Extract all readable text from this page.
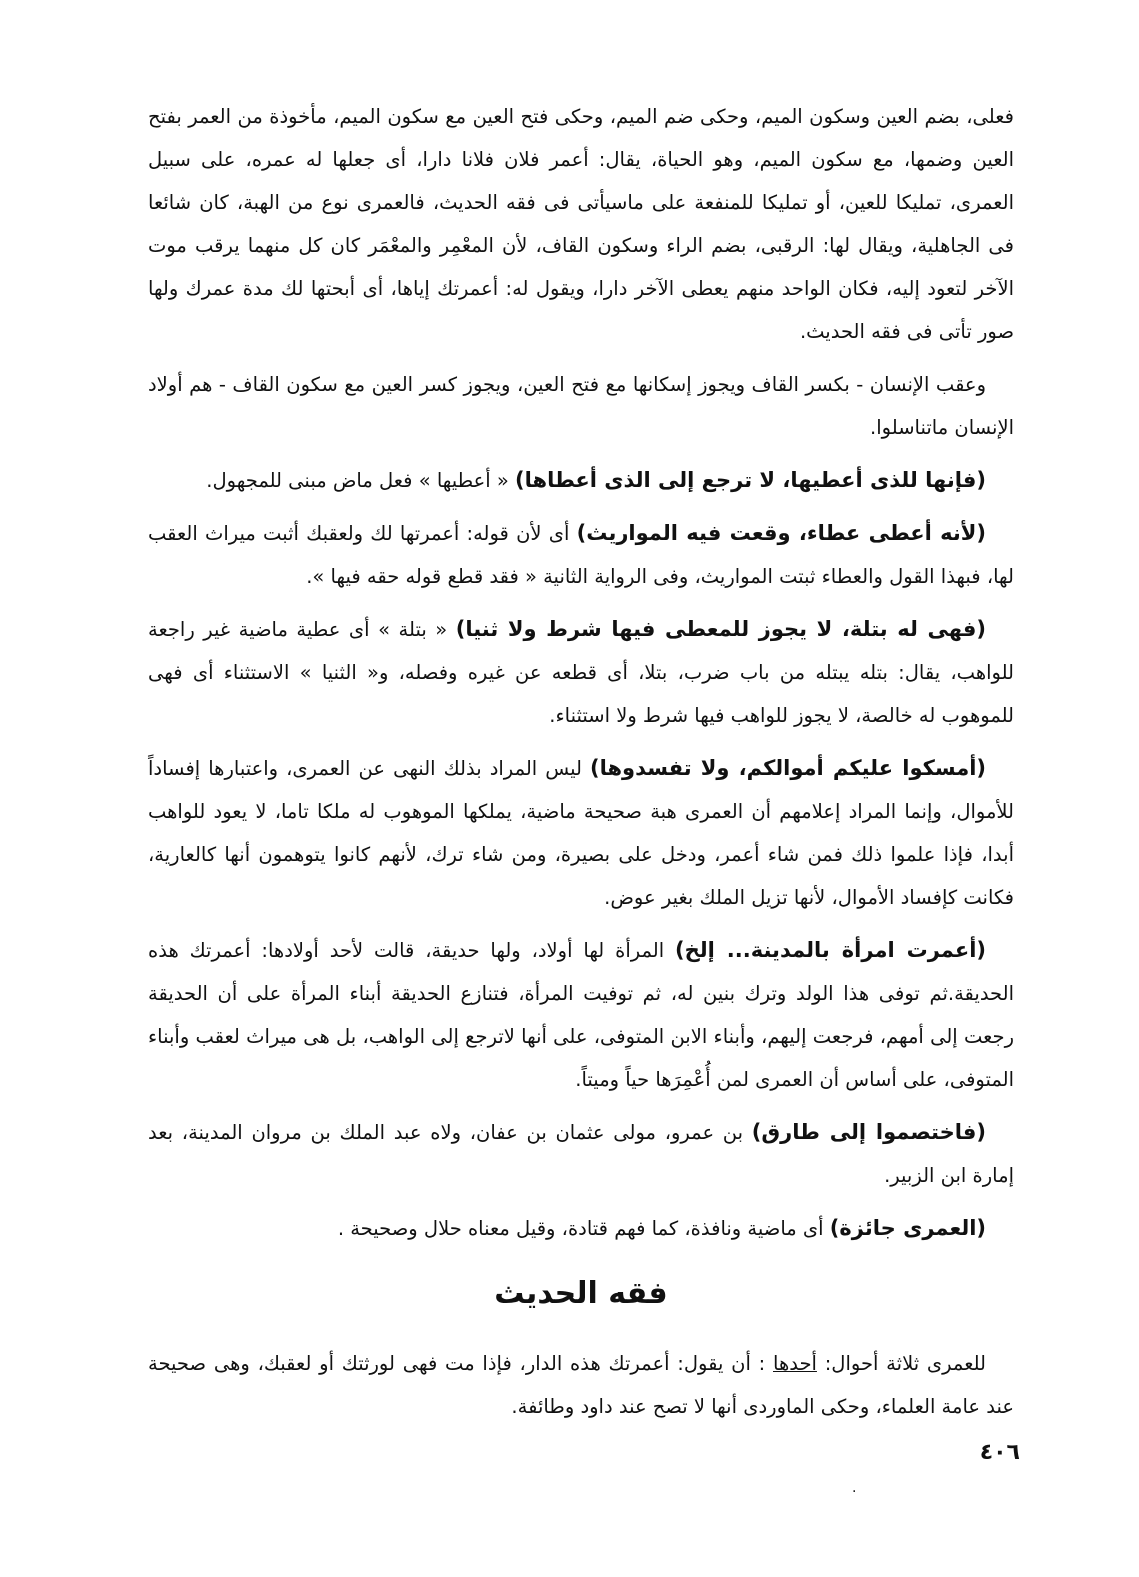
فعلى، بضم العين وسكون الميم، وحكى ضم الميم، وحكى فتح العين مع سكون الميم، مأخوذة من العمر بفتح العين وضمها، مع سكون الميم، وهو الحياة، يقال: أعمر فلان فلانا دارا، أى جعلها له عمره، على سبيل العمرى، تمليكا للعين، أو تمليكا للمنفعة على ماسيأتى فى فقه الحديث، فالعمرى نوع من الهبة، كان شائعا فى الجاهلية، ويقال لها: الرقبى، بضم الراء وسكون القاف، لأن المعْمِر والمعْمَر كان كل منهما يرقب موت الآخر لتعود إليه، فكان الواحد منهم يعطى الآخر دارا، ويقول له: أعمرتك إياها، أى أبحتها لك مدة عمرك ولها صور تأتى فى فقه الحديث.

وعقب الإنسان - بكسر القاف ويجوز إسكانها مع فتح العين، ويجوز كسر العين مع سكون القاف - هم أولاد الإنسان ماتناسلوا.

(فإنها للذى أعطيها، لا ترجع إلى الذى أعطاها) « أعطيها » فعل ماض مبنى للمجهول.

(لأنه أعطى عطاء، وقعت فيه المواريث) أى لأن قوله: أعمرتها لك ولعقبك أثبت ميراث العقب لها، فبهذا القول والعطاء ثبتت المواريث، وفى الرواية الثانية « فقد قطع قوله حقه فيها ».

(فهى له بتلة، لا يجوز للمعطى فيها شرط ولا ثنيا) « بتلة » أى عطية ماضية غير راجعة للواهب، يقال: بتله يبتله من باب ضرب، بتلا، أى قطعه عن غيره وفصله، و« الثنيا » الاستثناء أى فهى للموهوب له خالصة، لا يجوز للواهب فيها شرط ولا استثناء.

(أمسكوا عليكم أموالكم، ولا تفسدوها) ليس المراد بذلك النهى عن العمرى، واعتبارها إفساداً للأموال، وإنما المراد إعلامهم أن العمرى هبة صحيحة ماضية، يملكها الموهوب له ملكا تاما، لا يعود للواهب أبدا، فإذا علموا ذلك فمن شاء أعمر، ودخل على بصيرة، ومن شاء ترك، لأنهم كانوا يتوهمون أنها كالعارية، فكانت كإفساد الأموال، لأنها تزيل الملك بغير عوض.

(أعمرت امرأة بالمدينة... إلخ) المرأة لها أولاد، ولها حديقة، قالت لأحد أولادها: أعمرتك هذه الحديقة.ثم توفى هذا الولد وترك بنين له، ثم توفيت المرأة، فتنازع الحديقة أبناء المرأة على أن الحديقة رجعت إلى أمهم، فرجعت إليهم، وأبناء الابن المتوفى، على أنها لاترجع إلى الواهب، بل هى ميراث لعقب وأبناء المتوفى، على أساس أن العمرى لمن أُعْمِرَها حياً وميتاً.

(فاختصموا إلى طارق) بن عمرو، مولى عثمان بن عفان، ولاه عبد الملك بن مروان المدينة، بعد إمارة ابن الزبير.

(العمرى جائزة) أى ماضية ونافذة، كما فهم قتادة، وقيل معناه حلال وصحيحة .

فقه الحديث

للعمرى ثلاثة أحوال: أحدها : أن يقول: أعمرتك هذه الدار، فإذا مت فهى لورثتك أو لعقبك، وهى صحيحة عند عامة العلماء، وحكى الماوردى أنها لا تصح عند داود وطائفة.

٤٠٦
·
